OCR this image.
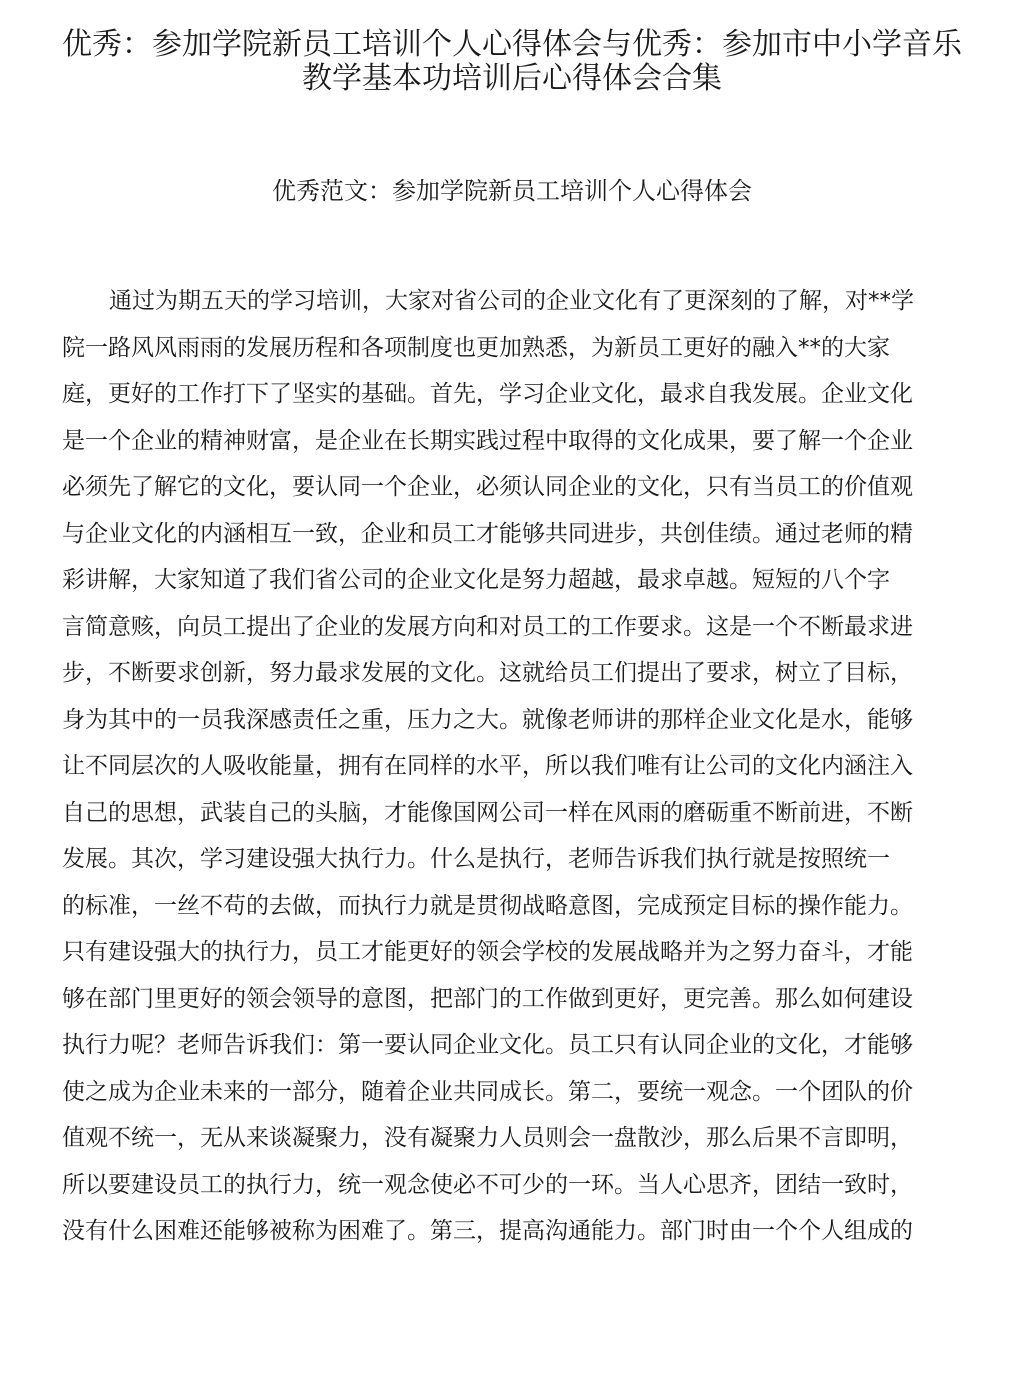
优秀：参加学院新员工培训个人心得体会与优秀：参加市中小学音乐
教学基本功培训后心得体会合集
优秀范文：参加学院新员工培训个人心得体会
通过为期五天的学习培训，大家对省公司的企业文化有了更深刻的了解，对**学
院一路风风雨雨的发展历程和各项制度也更加熟悉，为新员工更好的融入**的大家
庭，更好的工作打下了坚实的基础。首先，学习企业文化，最求自我发展。企业文化
是一个企业的精神财富，是企业在长期实践过程中取得的文化成果，要了解一个企业
必须先了解它的文化，要认同一个企业，必须认同企业的文化，只有当员工的价值观
与企业文化的内涵相互一致，企业和员工才能够共同进步，共创佳绩。通过老师的精
彩讲解，大家知道了我们省公司的企业文化是努力超越，最求卓越。短短的八个字
言简意赅，向员工提出了企业的发展方向和对员工的工作要求。这是一个不断最求进
步，不断要求创新，努力最求发展的文化。这就给员工们提出了要求，树立了目标，
身为其中的一员我深感责任之重，压力之大。就像老师讲的那样企业文化是水，能够
让不同层次的人吸收能量，拥有在同样的水平，所以我们唯有让公司的文化内涵注入
自己的思想，武装自己的头脑，才能像国网公司一样在风雨的磨砺重不断前进，不断
发展。其次，学习建设强大执行力。什么是执行，老师告诉我们执行就是按照统一
的标准，一丝不苟的去做，而执行力就是贯彻战略意图，完成预定目标的操作能力。
只有建设强大的执行力，员工才能更好的领会学校的发展战略并为之努力奋斗，才能
够在部门里更好的领会领导的意图，把部门的工作做到更好，更完善。那么如何建设
执行力呢？老师告诉我们：第一要认同企业文化。员工只有认同企业的文化，才能够
使之成为企业未来的一部分，随着企业共同成长。第二，要统一观念。一个团队的价
值观不统一，无从来谈凝聚力，没有凝聚力人员则会一盘散沙，那么后果不言即明，
所以要建设员工的执行力，统一观念使必不可少的一环。当人心思齐，团结一致时，
没有什么困难还能够被称为困难了。第三，提高沟通能力。部门时由一个个人组成的
